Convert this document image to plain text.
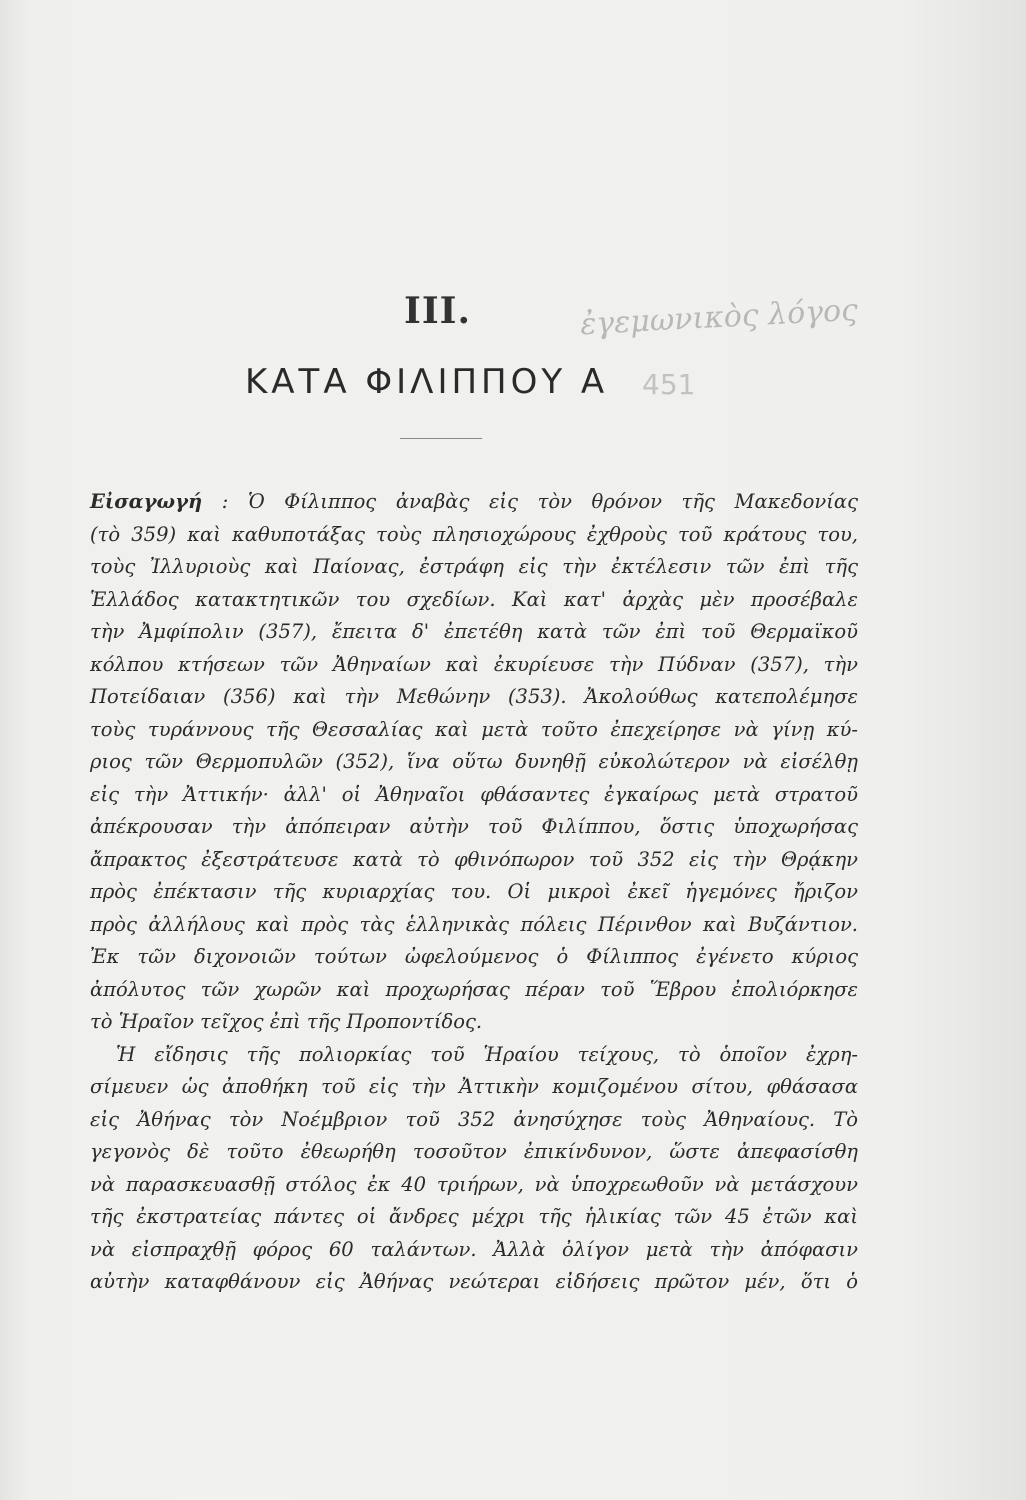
III.	ἐγεμωνικὸς λόγος
ΚΑΤΑ ΦΙΛΙΠΠΟΥ Α 451
Εἰσαγωγή : Ὁ Φίλιππος ἀναβὰς εἰς τὸν θρόνον τῆς Μακεδονίας
(τὸ 359) καὶ καθυποτάξας τοὺς πλησιοχώρους ἐχθροὺς τοῦ κράτους του,
τοὺς Ἰλλυριοὺς καὶ Παίονας, ἐστράφη εἰς τὴν ἐκτέλεσιν τῶν ἐπὶ τῆς
Ἑλλάδος κατακτητικῶν του σχεδίων. Καὶ κατ' ἀρχὰς μὲν προσέβαλε
τὴν Ἀμφίπολιν (357), ἔπειτα δ' ἐπετέθη κατὰ τῶν ἐπὶ τοῦ Θερμαϊκοῦ
κόλπου κτήσεων τῶν Ἀθηναίων καὶ ἐκυρίευσε τὴν Πύδναν (357), τὴν
Ποτείδαιαν (356) καὶ τὴν Μεθώνην (353). Ἀκολούθως κατεπολέμησε
τοὺς τυράννους τῆς Θεσσαλίας καὶ μετὰ τοῦτο ἐπεχείρησε νὰ γίνῃ κύ-
ριος τῶν Θερμοπυλῶν (352), ἵνα οὕτω δυνηθῇ εὐκολώτερον νὰ εἰσέλθῃ
εἰς τὴν Ἀττικήν· ἀλλ' οἱ Ἀθηναῖοι φθάσαντες ἐγκαίρως μετὰ στρατοῦ
ἀπέκρουσαν τὴν ἀπόπειραν αὐτὴν τοῦ Φιλίππου, ὅστις ὑποχωρήσας
ἄπρακτος ἐξεστράτευσε κατὰ τὸ φθινόπωρον τοῦ 352 εἰς τὴν Θρᾴκην
πρὸς ἐπέκτασιν τῆς κυριαρχίας του. Οἱ μικροὶ ἐκεῖ ἡγεμόνες ἤριζον
πρὸς ἀλλήλους καὶ πρὸς τὰς ἑλληνικὰς πόλεις Πέρινθον καὶ Βυζάντιον.
Ἐκ τῶν διχονοιῶν τούτων ὠφελούμενος ὁ Φίλιππος ἐγένετο κύριος
ἀπόλυτος τῶν χωρῶν καὶ προχωρήσας πέραν τοῦ Ἕβρου ἐπολιόρκησε
τὸ Ἡραῖον τεῖχος ἐπὶ τῆς Προποντίδος.
Ἡ εἴδησις τῆς πολιορκίας τοῦ Ἡραίου τείχους, τὸ ὁποῖον ἐχρη-
σίμευεν ὡς ἀποθήκη τοῦ εἰς τὴν Ἀττικὴν κομιζομένου σίτου, φθάσασα
εἰς Ἀθήνας τὸν Νοέμβριον τοῦ 352 ἀνησύχησε τοὺς Ἀθηναίους. Τὸ
γεγονὸς δὲ τοῦτο ἐθεωρήθη τοσοῦτον ἐπικίνδυνον, ὥστε ἀπεφασίσθη
νὰ παρασκευασθῇ στόλος ἐκ 40 τριήρων, νὰ ὑποχρεωθοῦν νὰ μετάσχουν
τῆς ἐκστρατείας πάντες οἱ ἄνδρες μέχρι τῆς ἡλικίας τῶν 45 ἐτῶν καὶ
νὰ εἰσπραχθῇ φόρος 60 ταλάντων. Ἀλλὰ ὀλίγον μετὰ τὴν ἀπόφασιν
αὐτὴν καταφθάνουν εἰς Ἀθήνας νεώτεραι εἰδήσεις πρῶτον μέν, ὅτι ὁ
